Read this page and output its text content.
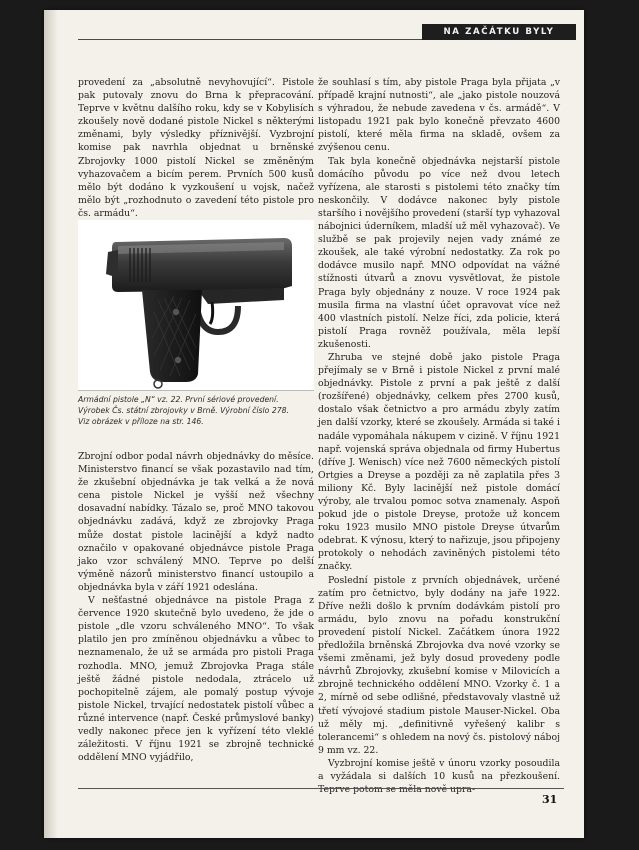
NA ZAČÁTKU BYLY PISTOLE

provedení za „absolutně nevyhovující“. Pistole pak putovaly znovu do Brna k přepracování. Teprve v květnu dalšího roku, kdy se v Kobylisích zkoušely nově dodané pistole Nickel s některými změnami, byly výsledky příznivější. Vyzbrojní komise pak navrhla objednat u brněnské Zbrojovky 1000 pistolí Nickel se změněným vyhazovačem a bicím perem. Prvních 500 kusů mělo být dodáno k vyzkoušení u vojsk, načež mělo být „rozhodnuto o zavedení této pistole pro čs. armádu“.

Armádní pistole „N“ vz. 22. První sériové provedení.
Výrobek Čs. státní zbrojovky v Brně. Výrobní číslo 278.
Viz obrázek v příloze na str. 146.

Zbrojní odbor podal návrh objednávky do měsíce. Ministerstvo financí se však pozastavilo nad tím, že zkušební objednávka je tak velká a že nová cena pistole Nickel je vyšší než všechny dosavadní nabídky. Tázalo se, proč MNO takovou objednávku zadává, když ze zbrojovky Praga může dostat pistole lacinější a když nadto označilo v opakované objednávce pistole Praga jako vzor schválený MNO. Teprve po delší výměně názorů ministerstvo financí ustoupilo a objednávka byla v září 1921 odeslána.

V nešťastné objednávce na pistole Praga z července 1920 skutečně bylo uvedeno, že jde o pistole „dle vzoru schváleného MNO“. To však platilo jen pro zmíněnou objednávku a vůbec to neznamenalo, že už se armáda pro pistoli Praga rozhodla. MNO, jemuž Zbrojovka Praga stále ještě žádné pistole nedodala, ztrácelo už pochopitelně zájem, ale pomalý postup vývoje pistole Nickel, trvající nedostatek pistolí vůbec a různé intervence (např. České průmyslové banky) vedly nakonec přece jen k vyřízení této vleklé záležitosti. V říjnu 1921 se zbrojně technické oddělení MNO vyjádřilo,

že souhlasí s tím, aby pistole Praga byla přijata „v případě krajní nutnosti“, ale „jako pistole nouzová s výhradou, že nebude zavedena v čs. armádě“. V listopadu 1921 pak bylo konečně převzato 4600 pistolí, které měla firma na skladě, ovšem za zvýšenou cenu.

Tak byla konečně objednávka nejstarší pistole domácího původu po více než dvou letech vyřízena, ale starosti s pistolemi této značky tím neskončily. V dodávce nakonec byly pistole staršího i novějšího provedení (starší typ vyhazoval nábojnici úderníkem, mladší už měl vyhazovač). Ve službě se pak projevily nejen vady známé ze zkoušek, ale také výrobní nedostatky. Za rok po dodávce musilo např. MNO odpovídat na vážné stížnosti útvarů a znovu vysvětlovat, že pistole Praga byly objednány z nouze. V roce 1924 pak musila firma na vlastní účet opravovat více než 400 vlastních pistolí. Nelze říci, zda policie, která pistolí Praga rovněž používala, měla lepší zkušenosti.

Zhruba ve stejné době jako pistole Praga přejímaly se v Brně i pistole Nickel z první malé objednávky. Pistole z první a pak ještě z další (rozšířené) objednávky, celkem přes 2700 kusů, dostalo však četnictvo a pro armádu zbyly zatím jen další vzorky, které se zkoušely. Armáda si také i nadále vypomáhala nákupem v cizině. V říjnu 1921 např. vojenská správa objednala od firmy Hubertus (dříve J. Wenisch) více než 7600 německých pistolí Ortgies a Dreyse a později za ně zaplatila přes 3 miliony Kč. Byly lacinější než pistole domácí výroby, ale trvalou pomoc sotva znamenaly. Aspoň pokud jde o pistole Dreyse, protože už koncem roku 1923 musilo MNO pistole Dreyse útvarům odebrat. K výnosu, který to nařizuje, jsou připojeny protokoly o nehodách zaviněných pistolemi této značky.

Poslední pistole z prvních objednávek, určené zatím pro četnictvo, byly dodány na jaře 1922. Dříve nežli došlo k prvním dodávkám pistolí pro armádu, bylo znovu na pořadu konstrukční provedení pistolí Nickel. Začátkem února 1922 předložila brněnská Zbrojovka dva nové vzorky se všemi změnami, jež byly dosud provedeny podle návrhů Zbrojovky, zkušební komise v Milovicích a zbrojně technického oddělení MNO. Vzorky č. 1 a 2, mírně od sebe odlišné, představovaly vlastně už třetí vývojové stadium pistole Mauser-Nickel. Oba už měly mj. „definitivně vyřešený kalibr s tolerancemi“ s ohledem na nový čs. pistolový náboj 9 mm vz. 22.

Vyzbrojní komise ještě v únoru vzorky posoudila a vyžádala si dalších 10 kusů na přezkoušení. Teprve potom se měla nově upra-

31
